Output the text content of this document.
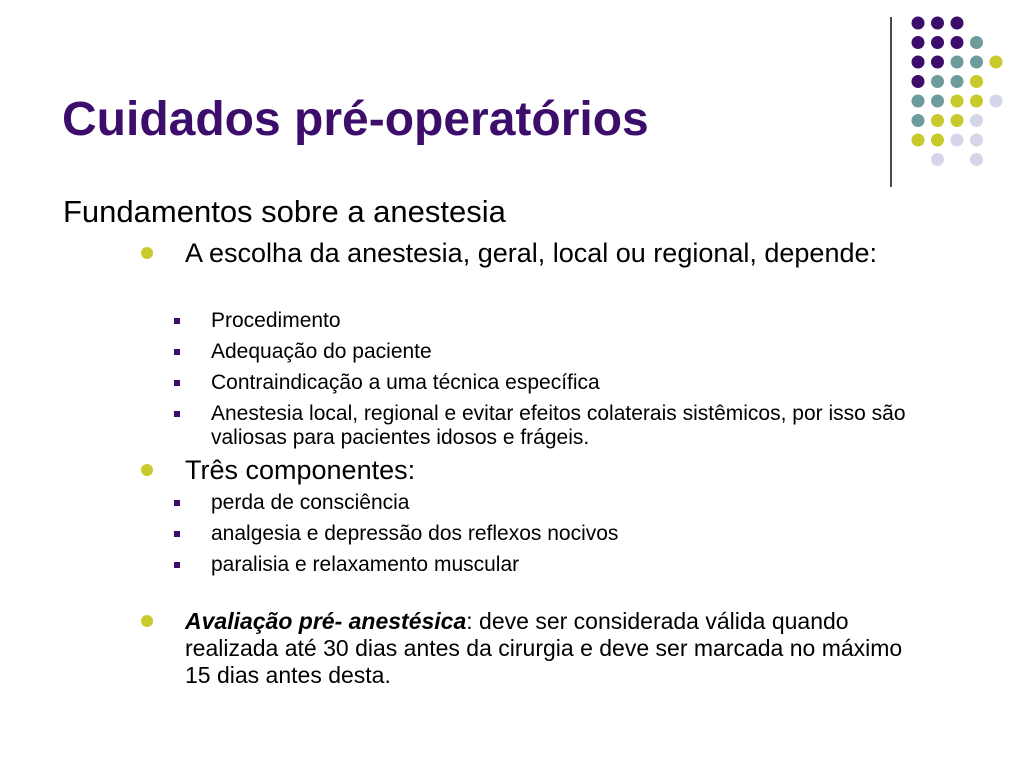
Cuidados pré-operatórios

Fundamentos sobre a anestesia

A escolha da anestesia, geral, local ou regional, depende:

Procedimento

Adequação do paciente

Contraindicação a uma técnica específica

Anestesia local, regional e evitar efeitos colaterais sistêmicos, por isso são valiosas para pacientes idosos e frágeis.

Três componentes:

perda de consciência

analgesia e depressão dos reflexos nocivos

paralisia e relaxamento muscular

Avaliação pré- anestésica: deve ser considerada válida quando realizada até 30 dias antes da cirurgia e deve ser marcada no máximo 15 dias antes desta.
